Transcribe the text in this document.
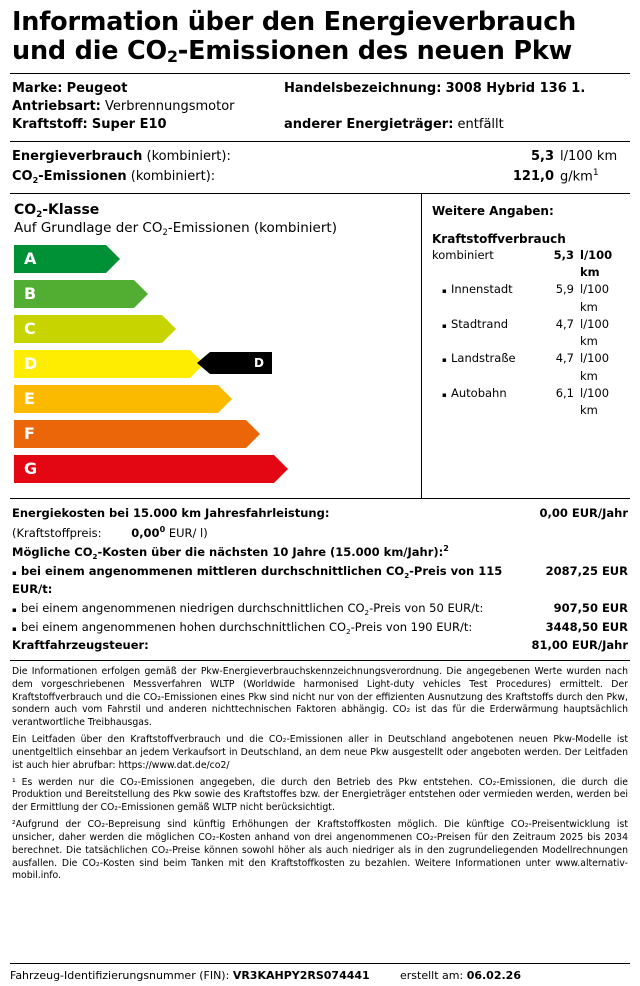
Information über den Energieverbrauch
und die $CO_2$-Emissionen des neuen Pkw
Marke: Peugeot	Handelsbezeichnung: 3008 Hybrid 136 1.
Antriebsart: Verbrennungsmotor
Kraftstoff: Super E10	anderer Energieträger: entfällt
Energieverbrauch (kombiniert):	5,3 l/100 km
$CO_2$-Emissionen (kombiniert):	121,0 $g/km^1$
$CO_2$-Klasse
Auf Grundlage der $CO_2$-Emissionen (kombiniert)
A
B
C
D
E
F
G
D
Weitere Angaben:
Kraftstoffverbrauch
kombiniert	5,3 l/100 km
▪ Innenstadt	5,9 l/100 km
▪ Stadtrand	4,7 l/100 km
▪ Landstraße	4,7 l/100 km
▪ Autobahn	6,1 l/100 km
Energiekosten bei 15.000 km Jahresfahrleistung:	0,00 EUR/Jahr
(Kraftstoffpreis:	0,00$^0$ EUR/ l)
Mögliche $CO_2$-Kosten über die nächsten 10 Jahre (15.000 km/Jahr):$^2$
▪ bei einem angenommenen mittleren durchschnittlichen $CO_2$-Preis von 115 EUR/t:
2087,25 EUR
▪ bei einem angenommenen niedrigen durchschnittlichen $CO_2$-Preis von 50 EUR/t:	907,50 EUR
▪ bei einem angenommenen hohen durchschnittlichen $CO_2$-Preis von 190 EUR/t:	3448,50 EUR
Kraftfahrzeugsteuer:	81,00 EUR/Jahr

Die Informationen erfolgen gemäß der Pkw-Energieverbrauchskennzeichnungsverordnung. Die angegebenen Werte wurden nach dem vorgeschriebenen Messverfahren WLTP (Worldwide harmonised Light-duty vehicles Test Procedures) ermittelt. Der Kraftstoffverbrauch und die CO₂-Emissionen eines Pkw sind nicht nur von der effizienten Ausnutzung des Kraftstoffs durch den Pkw, sondern auch vom Fahrstil und anderen nichttechnischen Faktoren abhängig. CO₂ ist das für die Erderwärmung hauptsächlich verantwortliche Treibhausgas.

Ein Leitfaden über den Kraftstoffverbrauch und die CO₂-Emissionen aller in Deutschland angebotenen neuen Pkw-Modelle ist unentgeltlich einsehbar an jedem Verkaufsort in Deutschland, an dem neue Pkw ausgestellt oder angeboten werden. Der Leitfaden ist auch hier abrufbar: https://www.dat.de/co2/

¹ Es werden nur die CO₂-Emissionen angegeben, die durch den Betrieb des Pkw entstehen. CO₂-Emissionen, die durch die Produktion und Bereitstellung des Pkw sowie des Kraftstoffes bzw. der Energieträger entstehen oder vermieden werden, werden bei der Ermittlung der CO₂-Emissionen gemäß WLTP nicht berücksichtigt.

²Aufgrund der CO₂-Bepreisung sind künftig Erhöhungen der Kraftstoffkosten möglich. Die künftige CO₂-Preisentwicklung ist unsicher, daher werden die möglichen CO₂-Kosten anhand von drei angenommenen CO₂-Preisen für den Zeitraum 2025 bis 2034 berechnet. Die tatsächlichen CO₂-Preise können sowohl höher als auch niedriger als in den zugrundeliegenden Modellrechnungen ausfallen. Die CO₂-Kosten sind beim Tanken mit den Kraftstoffkosten zu bezahlen. Weitere Informationen unter www.alternativ-mobil.info.

Fahrzeug-Identifizierungsnummer (FIN): VR3KAHPY2RS074441	erstellt am: 06.02.26
